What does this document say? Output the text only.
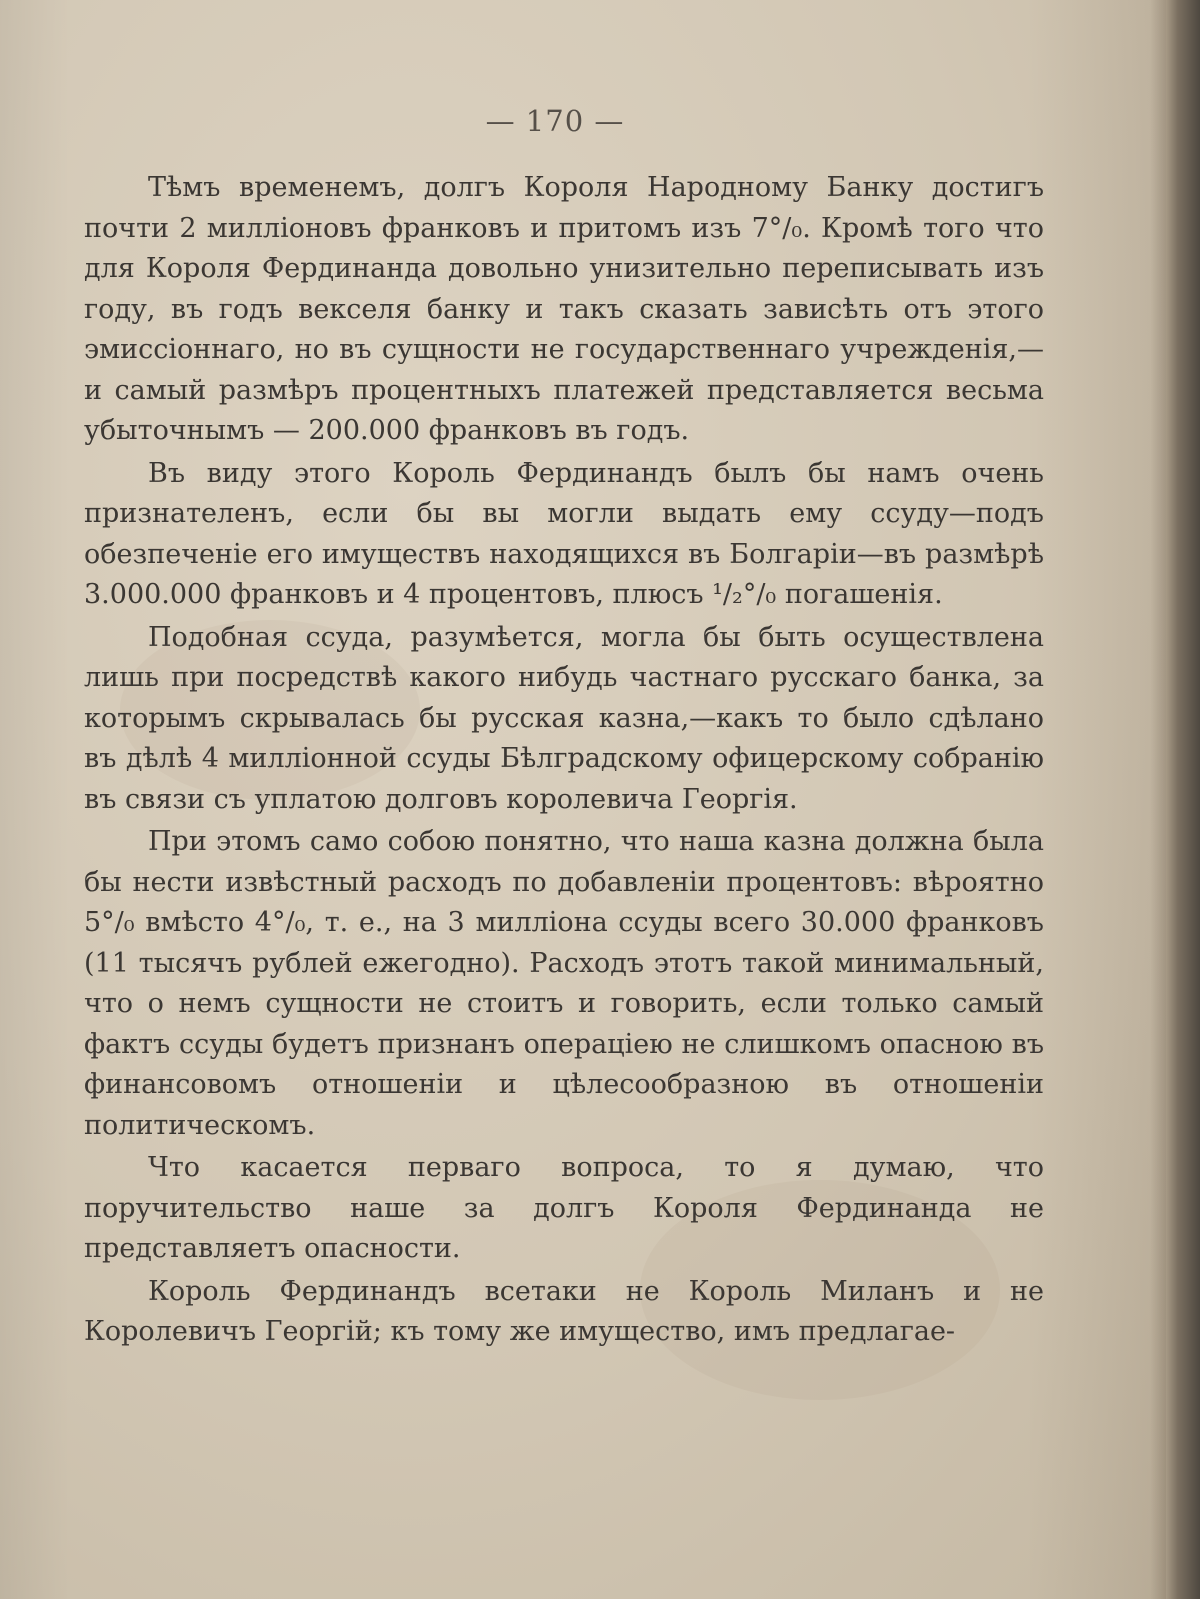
— 170 —

Тѣмъ временемъ, долгъ Короля Народному Банку достигъ почти 2 милліоновъ франковъ и притомъ изъ 7°/₀. Кромѣ того что для Короля Фердинанда довольно унизительно переписывать изъ году, въ годъ векселя банку и такъ сказать зависѣть отъ этого эмиссіоннаго, но въ сущности не государственнаго учрежденія,—и самый размѣръ процентныхъ платежей представляется весьма убыточнымъ — 200.000 франковъ въ годъ.

Въ виду этого Король Фердинандъ былъ бы намъ очень признателенъ, если бы вы могли выдать ему ссуду—подъ обезпеченіе его имуществъ находящихся въ Болгаріи—въ размѣрѣ 3.000.000 франковъ и 4 процентовъ, плюсъ ¹/₂°/₀ погашенія.

Подобная ссуда, разумѣется, могла бы быть осуществлена лишь при посредствѣ какого нибудь частнаго русскаго банка, за которымъ скрывалась бы русская казна,—какъ то было сдѣлано въ дѣлѣ 4 милліонной ссуды Бѣлградскому офицерскому собранію въ связи съ уплатою долговъ королевича Георгія.

При этомъ само собою понятно, что наша казна должна была бы нести извѣстный расходъ по добавленіи процентовъ: вѣроятно 5°/₀ вмѣсто 4°/₀, т. е., на 3 милліона ссуды всего 30.000 франковъ (11 тысячъ рублей ежегодно). Расходъ этотъ такой минимальный, что о немъ сущности не стоитъ и говорить, если только самый фактъ ссуды будетъ признанъ операціею не слишкомъ опасною въ финансовомъ отношеніи и цѣлесообразною въ отношеніи политическомъ.

Что касается перваго вопроса, то я думаю, что поручительство наше за долгъ Короля Фердинанда не представляетъ опасности.

Король Фердинандъ всетаки не Король Миланъ и не Королевичъ Георгій; къ тому же имущество, имъ предлагае-
